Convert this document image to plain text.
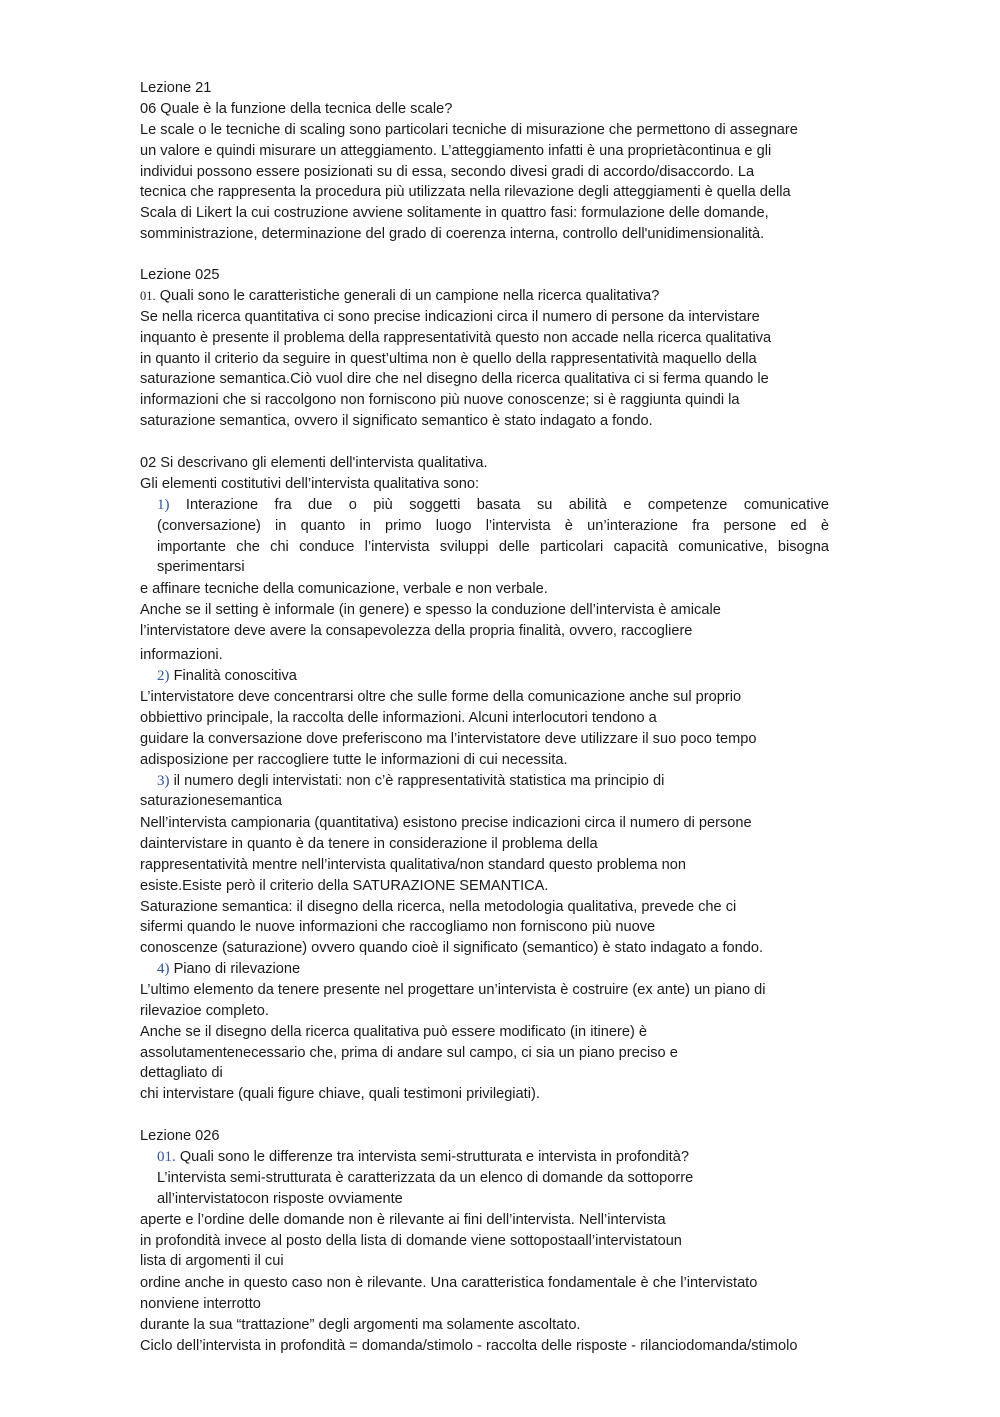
Lezione 21
06 Quale è la funzione della tecnica delle scale?
Le scale o le tecniche di scaling sono particolari tecniche di misurazione che permettono di assegnare
un valore e quindi misurare un atteggiamento. L’atteggiamento infatti è una proprietàcontinua e gli
individui possono essere posizionati su di essa, secondo divesi gradi di accordo/disaccordo. La
tecnica che rappresenta la procedura più utilizzata nella rilevazione degli atteggiamenti è quella della
Scala di Likert la cui costruzione avviene solitamente in quattro fasi: formulazione delle domande,
somministrazione, determinazione del grado di coerenza interna, controllo dell'unidimensionalità.
Lezione 025
01. Quali sono le caratteristiche generali di un campione nella ricerca qualitativa?
Se nella ricerca quantitativa ci sono precise indicazioni circa il numero di persone da intervistare
inquanto è presente il problema della rappresentatività questo non accade nella ricerca qualitativa
in quanto il criterio da seguire in quest’ultima non è quello della rappresentatività maquello della
saturazione semantica.Ciò vuol dire che nel disegno della ricerca qualitativa ci si ferma quando le
informazioni che si raccolgono non forniscono più nuove conoscenze; si è raggiunta quindi la
saturazione semantica, ovvero il significato semantico è stato indagato a fondo.
02 Si descrivano gli elementi dell'intervista qualitativa.
Gli elementi costitutivi dell’intervista qualitativa sono:
1) Interazione fra due o più soggetti basata su abilità e competenze comunicative
(conversazione) in quanto in primo luogo l’intervista è un’interazione fra persone ed è
importante che chi conduce l’intervista sviluppi delle particolari capacità comunicative, bisogna
sperimentarsi
e affinare tecniche della comunicazione, verbale e non verbale.
Anche se il setting è informale (in genere) e spesso la conduzione dell’intervista è amicale
l’intervistatore deve avere la consapevolezza della propria finalità, ovvero, raccogliere
informazioni.
2) Finalità conoscitiva
L’intervistatore deve concentrarsi oltre che sulle forme della comunicazione anche sul proprio
obbiettivo principale, la raccolta delle informazioni. Alcuni interlocutori tendono a
guidare la conversazione dove preferiscono ma l’intervistatore deve utilizzare il suo poco tempo
adisposizione per raccogliere tutte le informazioni di cui necessita.
3) il numero degli intervistati: non c’è rappresentatività statistica ma principio di
saturazionesemantica
Nell’intervista campionaria (quantitativa) esistono precise indicazioni circa il numero di persone
daintervistare in quanto è da tenere in considerazione il problema della
rappresentatività mentre nell’intervista qualitativa/non standard questo problema non
esiste.Esiste però il criterio della SATURAZIONE SEMANTICA.
Saturazione semantica: il disegno della ricerca, nella metodologia qualitativa, prevede che ci
sifermi quando le nuove informazioni che raccogliamo non forniscono più nuove
conoscenze (saturazione) ovvero quando cioè il significato (semantico) è stato indagato a fondo.
4) Piano di rilevazione
L’ultimo elemento da tenere presente nel progettare un’intervista è costruire (ex ante) un piano di
rilevazioe completo.
Anche se il disegno della ricerca qualitativa può essere modificato (in itinere) è
assolutamentenecessario che, prima di andare sul campo, ci sia un piano preciso e
dettagliato di
chi intervistare (quali figure chiave, quali testimoni privilegiati).
Lezione 026
01. Quali sono le differenze tra intervista semi-strutturata e intervista in profondità?
L’intervista semi-strutturata è caratterizzata da un elenco di domande da sottoporre
all’intervistatocon risposte ovviamente
aperte e l’ordine delle domande non è rilevante ai fini dell’intervista. Nell’intervista
in profondità invece al posto della lista di domande viene sottopostaall’intervistatoun
lista di argomenti il cui
ordine anche in questo caso non è rilevante. Una caratteristica fondamentale è che l’intervistato
nonviene interrotto
durante la sua “trattazione” degli argomenti ma solamente ascoltato.
Ciclo dell’intervista in profondità = domanda/stimolo - raccolta delle risposte - rilanciodomanda/stimolo
